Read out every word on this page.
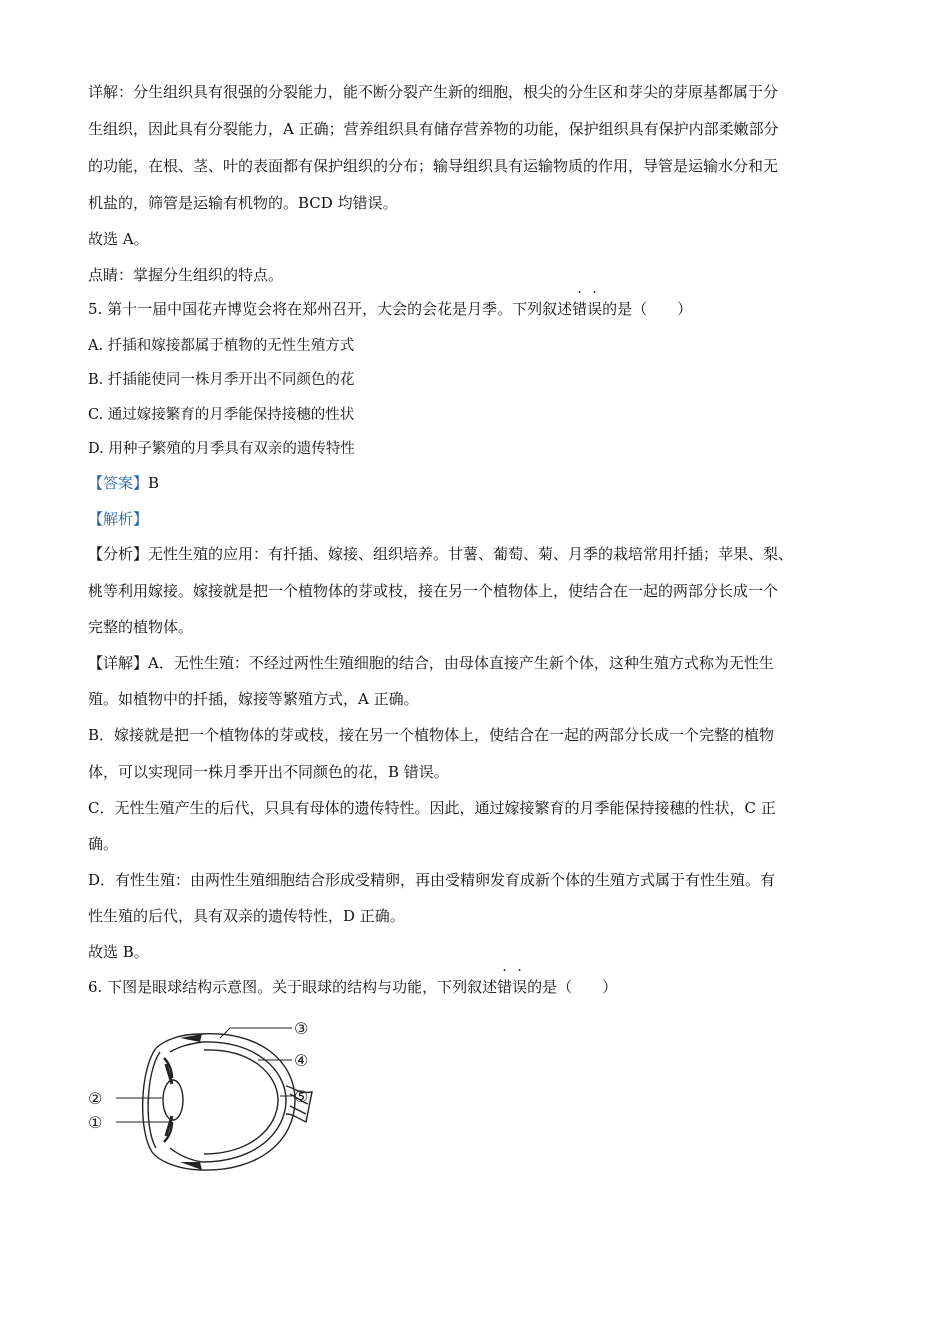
详解：分生组织具有很强的分裂能力，能不断分裂产生新的细胞，根尖的分生区和芽尖的芽原基都属于分
生组织，因此具有分裂能力，A 正确；营养组织具有储存营养物的功能，保护组织具有保护内部柔嫩部分
的功能，在根、茎、叶的表面都有保护组织的分布；输导组织具有运输物质的作用，导管是运输水分和无
机盐的，筛管是运输有机物的。BCD 均错误。
故选 A。
点睛：掌握分生组织的特点。
5. 第十一届中国花卉博览会将在郑州召开，大会的会花是月季。下列叙述错误的是（　　）
A. 扦插和嫁接都属于植物的无性生殖方式
B. 扦插能使同一株月季开出不同颜色的花
C. 通过嫁接繁育的月季能保持接穗的性状
D. 用种子繁殖的月季具有双亲的遗传特性
【答案】B
【解析】
【分析】无性生殖的应用：有扦插、嫁接、组织培养。甘薯、葡萄、菊、月季的栽培常用扦插；苹果、梨、
桃等利用嫁接。嫁接就是把一个植物体的芽或枝，接在另一个植物体上，使结合在一起的两部分长成一个
完整的植物体。
【详解】A．无性生殖：不经过两性生殖细胞的结合，由母体直接产生新个体，这种生殖方式称为无性生
殖。如植物中的扦插，嫁接等繁殖方式，A 正确。
B．嫁接就是把一个植物体的芽或枝，接在另一个植物体上，使结合在一起的两部分长成一个完整的植物
体，可以实现同一株月季开出不同颜色的花，B 错误。
C．无性生殖产生的后代，只具有母体的遗传特性。因此，通过嫁接繁育的月季能保持接穗的性状，C 正
确。
D．有性生殖：由两性生殖细胞结合形成受精卵，再由受精卵发育成新个体的生殖方式属于有性生殖。有
性生殖的后代，具有双亲的遗传特性，D 正确。
故选 B。
6. 下图是眼球结构示意图。关于眼球的结构与功能，下列叙述错误的是（　　）
①
②
③
④
⑤
